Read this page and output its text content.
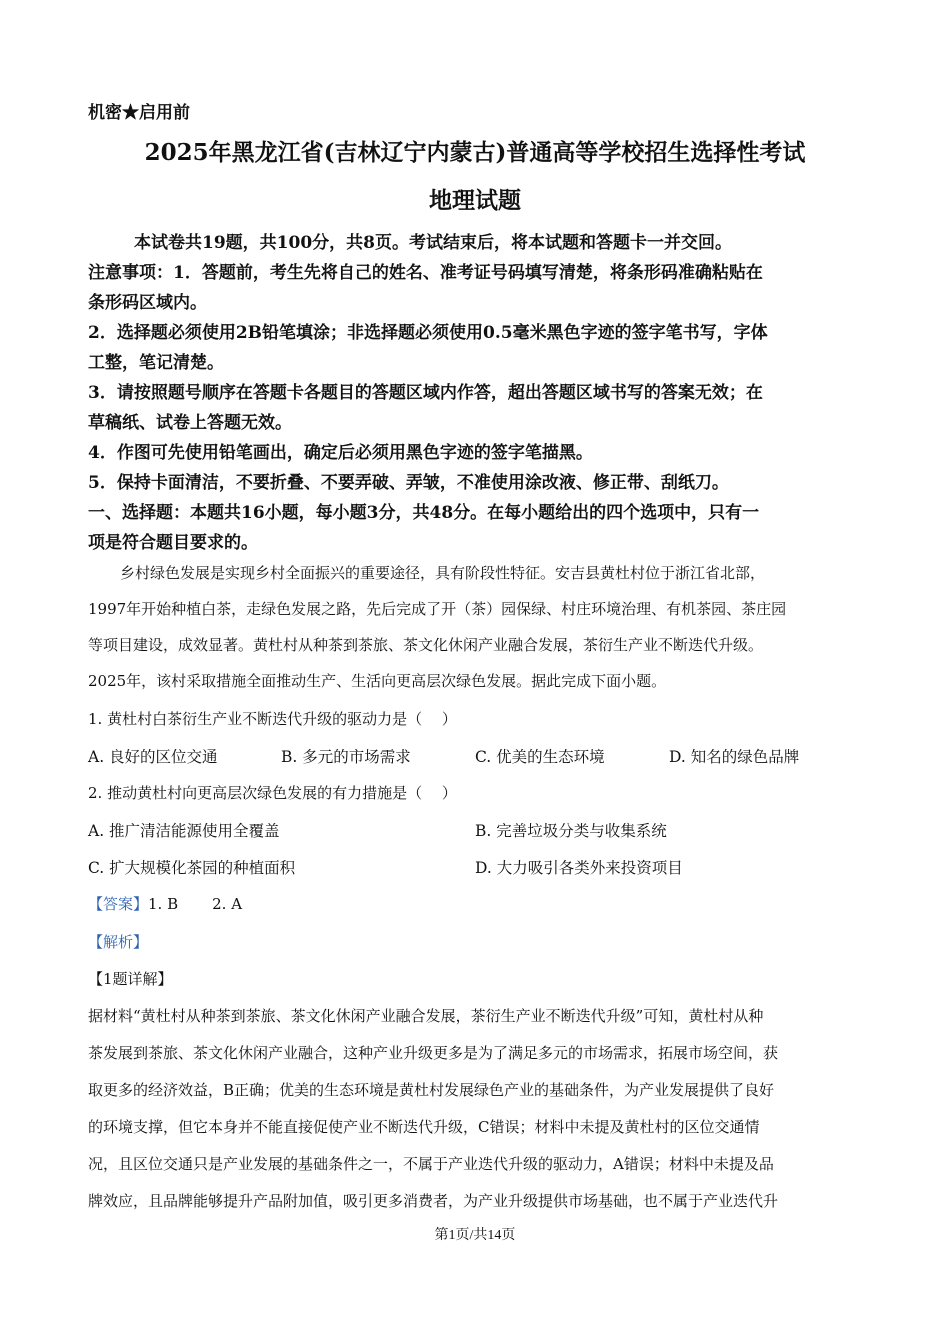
机密★启用前
2025年黑龙江省(吉林辽宁内蒙古)普通高等学校招生选择性考试
地理试题
本试卷共19题，共100分，共8页。考试结束后，将本试题和答题卡一并交回。
注意事项：1．答题前，考生先将自己的姓名、准考证号码填写清楚，将条形码准确粘贴在
条形码区域内。
2．选择题必须使用2B铅笔填涂；非选择题必须使用0.5毫米黑色字迹的签字笔书写，字体
工整，笔记清楚。
3．请按照题号顺序在答题卡各题目的答题区域内作答，超出答题区域书写的答案无效；在
草稿纸、试卷上答题无效。
4．作图可先使用铅笔画出，确定后必须用黑色字迹的签字笔描黑。
5．保持卡面清洁，不要折叠、不要弄破、弄皱，不准使用涂改液、修正带、刮纸刀。
一、选择题：本题共16小题，每小题3分，共48分。在每小题给出的四个选项中，只有一
项是符合题目要求的。
乡村绿色发展是实现乡村全面振兴的重要途径，具有阶段性特征。安吉县黄杜村位于浙江省北部，
1997年开始种植白茶，走绿色发展之路，先后完成了开（茶）园保绿、村庄环境治理、有机茶园、茶庄园
等项目建设，成效显著。黄杜村从种茶到茶旅、茶文化休闲产业融合发展，茶衍生产业不断迭代升级。
2025年，该村采取措施全面推动生产、生活向更高层次绿色发展。据此完成下面小题。
1. 黄杜村白茶衍生产业不断迭代升级的驱动力是（　 ）
A. 良好的区位交通	B. 多元的市场需求	C. 优美的生态环境	D. 知名的绿色品牌
2. 推动黄杜村向更高层次绿色发展的有力措施是（　 ）
A. 推广清洁能源使用全覆盖	B. 完善垃圾分类与收集系统
C. 扩大规模化茶园的种植面积	D. 大力吸引各类外来投资项目
【答案】1. B 2. A
【解析】
【1题详解】
据材料“黄杜村从种茶到茶旅、茶文化休闲产业融合发展，茶衍生产业不断迭代升级”可知，黄杜村从种
茶发展到茶旅、茶文化休闲产业融合，这种产业升级更多是为了满足多元的市场需求，拓展市场空间，获
取更多的经济效益，B正确；优美的生态环境是黄杜村发展绿色产业的基础条件，为产业发展提供了良好
的环境支撑，但它本身并不能直接促使产业不断迭代升级，C错误；材料中未提及黄杜村的区位交通情
况，且区位交通只是产业发展的基础条件之一，不属于产业迭代升级的驱动力，A错误；材料中未提及品
牌效应，且品牌能够提升产品附加值，吸引更多消费者，为产业升级提供市场基础，也不属于产业迭代升
第1页/共14页
